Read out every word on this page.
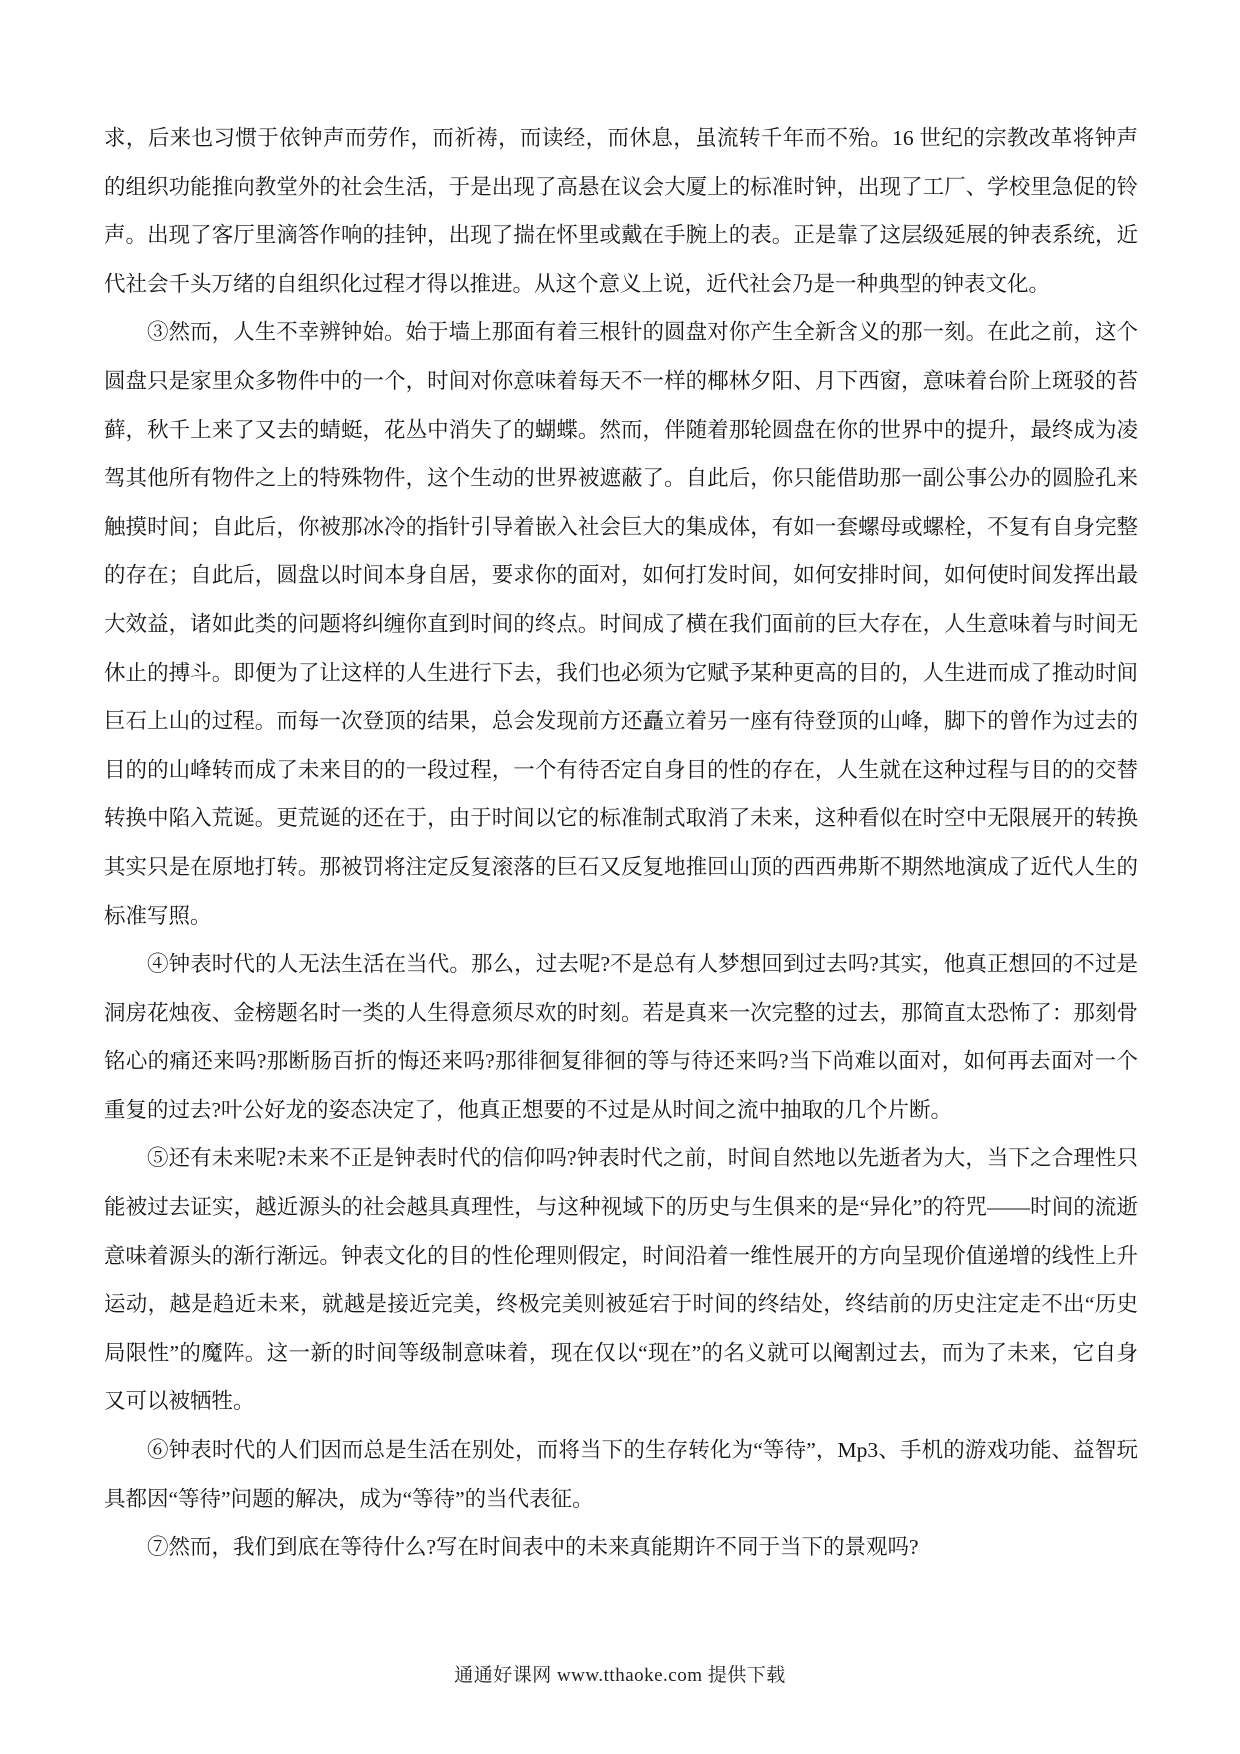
求，后来也习惯于依钟声而劳作，而祈祷，而读经，而休息，虽流转千年而不殆。16 世纪的宗教改革将钟声的组织功能推向教堂外的社会生活，于是出现了高悬在议会大厦上的标准时钟，出现了工厂、学校里急促的铃声。出现了客厅里滴答作响的挂钟，出现了揣在怀里或戴在手腕上的表。正是靠了这层级延展的钟表系统，近代社会千头万绪的自组织化过程才得以推进。从这个意义上说，近代社会乃是一种典型的钟表文化。

③然而，人生不幸辨钟始。始于墙上那面有着三根针的圆盘对你产生全新含义的那一刻。在此之前，这个圆盘只是家里众多物件中的一个，时间对你意味着每天不一样的椰林夕阳、月下西窗，意味着台阶上斑驳的苔藓，秋千上来了又去的蜻蜓，花丛中消失了的蝴蝶。然而，伴随着那轮圆盘在你的世界中的提升，最终成为凌驾其他所有物件之上的特殊物件，这个生动的世界被遮蔽了。自此后，你只能借助那一副公事公办的圆脸孔来触摸时间；自此后，你被那冰冷的指针引导着嵌入社会巨大的集成体，有如一套螺母或螺栓，不复有自身完整的存在；自此后，圆盘以时间本身自居，要求你的面对，如何打发时间，如何安排时间，如何使时间发挥出最大效益，诸如此类的问题将纠缠你直到时间的终点。时间成了横在我们面前的巨大存在，人生意味着与时间无休止的搏斗。即便为了让这样的人生进行下去，我们也必须为它赋予某种更高的目的，人生进而成了推动时间巨石上山的过程。而每一次登顶的结果，总会发现前方还矗立着另一座有待登顶的山峰，脚下的曾作为过去的目的的山峰转而成了未来目的的一段过程，一个有待否定自身目的性的存在，人生就在这种过程与目的的交替转换中陷入荒诞。更荒诞的还在于，由于时间以它的标准制式取消了未来，这种看似在时空中无限展开的转换其实只是在原地打转。那被罚将注定反复滚落的巨石又反复地推回山顶的西西弗斯不期然地演成了近代人生的标准写照。

④钟表时代的人无法生活在当代。那么，过去呢?不是总有人梦想回到过去吗?其实，他真正想回的不过是洞房花烛夜、金榜题名时一类的人生得意须尽欢的时刻。若是真来一次完整的过去，那简直太恐怖了：那刻骨铭心的痛还来吗?那断肠百折的悔还来吗?那徘徊复徘徊的等与待还来吗?当下尚难以面对，如何再去面对一个重复的过去?叶公好龙的姿态决定了，他真正想要的不过是从时间之流中抽取的几个片断。

⑤还有未来呢?未来不正是钟表时代的信仰吗?钟表时代之前，时间自然地以先逝者为大，当下之合理性只能被过去证实，越近源头的社会越具真理性，与这种视域下的历史与生俱来的是“异化”的符咒——时间的流逝意味着源头的渐行渐远。钟表文化的目的性伦理则假定，时间沿着一维性展开的方向呈现价值递增的线性上升运动，越是趋近未来，就越是接近完美，终极完美则被延宕于时间的终结处，终结前的历史注定走不出“历史局限性”的魔阵。这一新的时间等级制意味着，现在仅以“现在”的名义就可以阉割过去，而为了未来，它自身又可以被牺牲。

⑥钟表时代的人们因而总是生活在别处，而将当下的生存转化为“等待”，Mp3、手机的游戏功能、益智玩具都因“等待”问题的解决，成为“等待”的当代表征。

⑦然而，我们到底在等待什么?写在时间表中的未来真能期许不同于当下的景观吗?

通通好课网 www.tthaoke.com 提供下载
